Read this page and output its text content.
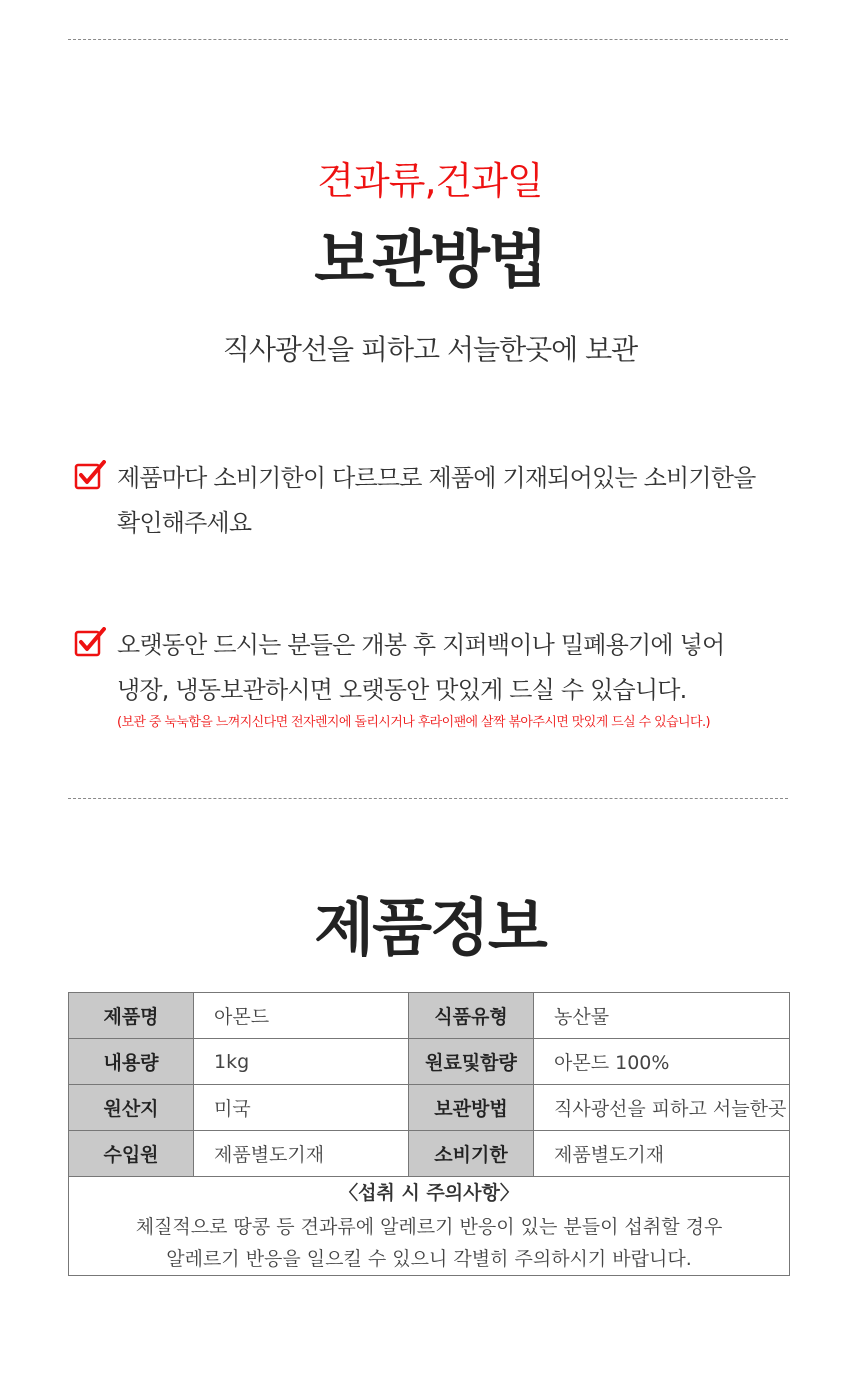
견과류,건과일
보관방법
직사광선을 피하고 서늘한곳에 보관
제품마다 소비기한이 다르므로 제품에 기재되어있는 소비기한을
확인해주세요
오랫동안 드시는 분들은 개봉 후 지퍼백이나 밀폐용기에 넣어
냉장, 냉동보관하시면 오랫동안 맛있게 드실 수 있습니다.
(보관 중 눅눅함을 느껴지신다면 전자렌지에 돌리시거나 후라이팬에 살짝 볶아주시면 맛있게 드실 수 있습니다.)
제품정보
제품명	아몬드	식품유형	농산물
내용량	1kg	원료및함량	아몬드 100%
원산지	미국	보관방법	직사광선을 피하고 서늘한곳
수입원	제품별도기재	소비기한	제품별도기재

〈섭취 시 주의사항〉
체질적으로 땅콩 등 견과류에 알레르기 반응이 있는 분들이 섭취할 경우
알레르기 반응을 일으킬 수 있으니 각별히 주의하시기 바랍니다.			
